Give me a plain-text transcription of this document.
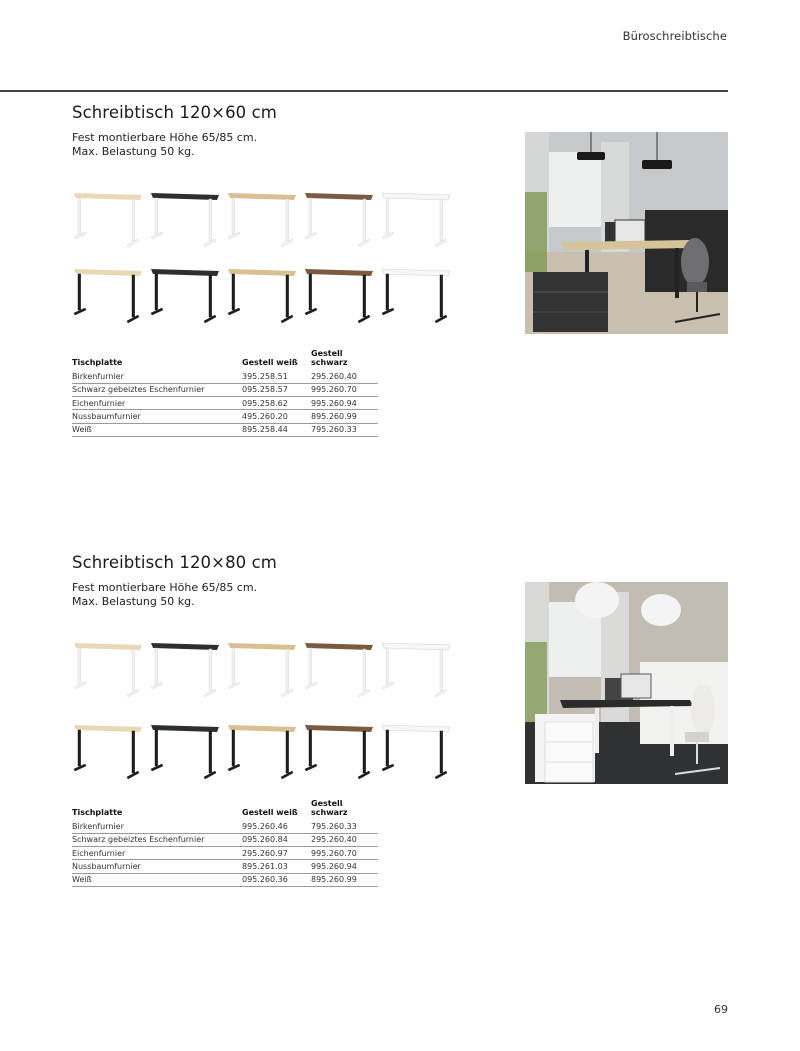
Büroschreibtische
Schreibtisch 120×60 cm
Fest montierbare Höhe 65/85 cm.
Max. Belastung 50 kg.
Tischplatte	Gestell weiß	Gestell schwarz
Birkenfurnier	395.258.51	295.260.40
Schwarz gebeiztes Eschenfurnier	095.258.57	995.260.70
Eichenfurnier	095.258.62	995.260.94
Nussbaumfurnier	495.260.20	895.260.99
Weiß	895.258.44	795.260.33
Schreibtisch 120×80 cm
Fest montierbare Höhe 65/85 cm.
Max. Belastung 50 kg.
Tischplatte	Gestell weiß	Gestell schwarz
Birkenfurnier	995.260.46	795.260.33
Schwarz gebeiztes Eschenfurnier	095.260.84	295.260.40
Eichenfurnier	295.260.97	995.260.70
Nussbaumfurnier	895.261.03	995.260.94
Weiß	095.260.36	895.260.99
69
